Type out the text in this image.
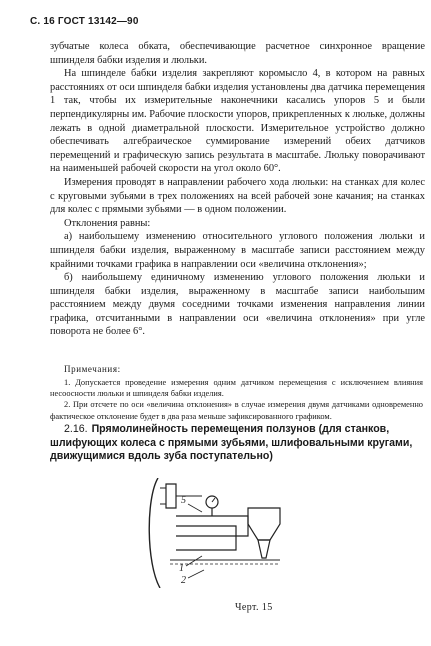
С. 16 ГОСТ 13142—90

зубчатые колеса обката, обеспечивающие расчетное синхронное вращение шпинделя бабки изделия и люльки.

На шпинделе бабки изделия закрепляют коромысло 4, в котором на равных расстояниях от оси шпинделя бабки изделия установлены два датчика перемещения 1 так, чтобы их измерительные наконечники касались упоров 5 и были перпендикулярны им. Рабочие плоскости упоров, прикрепленных к люльке, должны лежать в одной диаметральной плоскости. Измерительное устройство должно обеспечивать алгебраическое суммирование измерений обеих датчиков перемещений и графическую запись результата в масштабе. Люльку поворачивают на наименьшей рабочей скорости на угол около 60°.

Измерения проводят в направлении рабочего хода люльки: на станках для колес с круговыми зубьями в трех положениях на всей рабочей зоне качания; на станках для колес с прямыми зубьями — в одном положении.

Отклонения равны:

а) наибольшему изменению относительного углового положения люльки и шпинделя бабки изделия, выраженному в масштабе записи расстоянием между крайними точками графика в направлении оси «величина отклонения»;

б) наибольшему единичному изменению углового положения люльки и шпинделя бабки изделия, выраженному в масштабе записи наибольшим расстоянием между двумя соседними точками изменения направления линии графика, отсчитанными в направлении оси «величина отклонения» при угле поворота не более 6°.

Примечания:

1. Допускается проведение измерения одним датчиком перемещения с исключением влияния несоосности люльки и шпинделя бабки изделия.

2. При отсчете по оси «величина отклонения» в случае измерения двумя датчиками одновременно фактическое отклонение будет в два раза меньше зафиксированного графиком.

2.16. Прямолинейность перемещения ползунов (для станков, шлифующих колеса с прямыми зубьями, шлифовальными кругами, движущимися вдоль зуба поступательно)
5
1
2
Черт. 15
